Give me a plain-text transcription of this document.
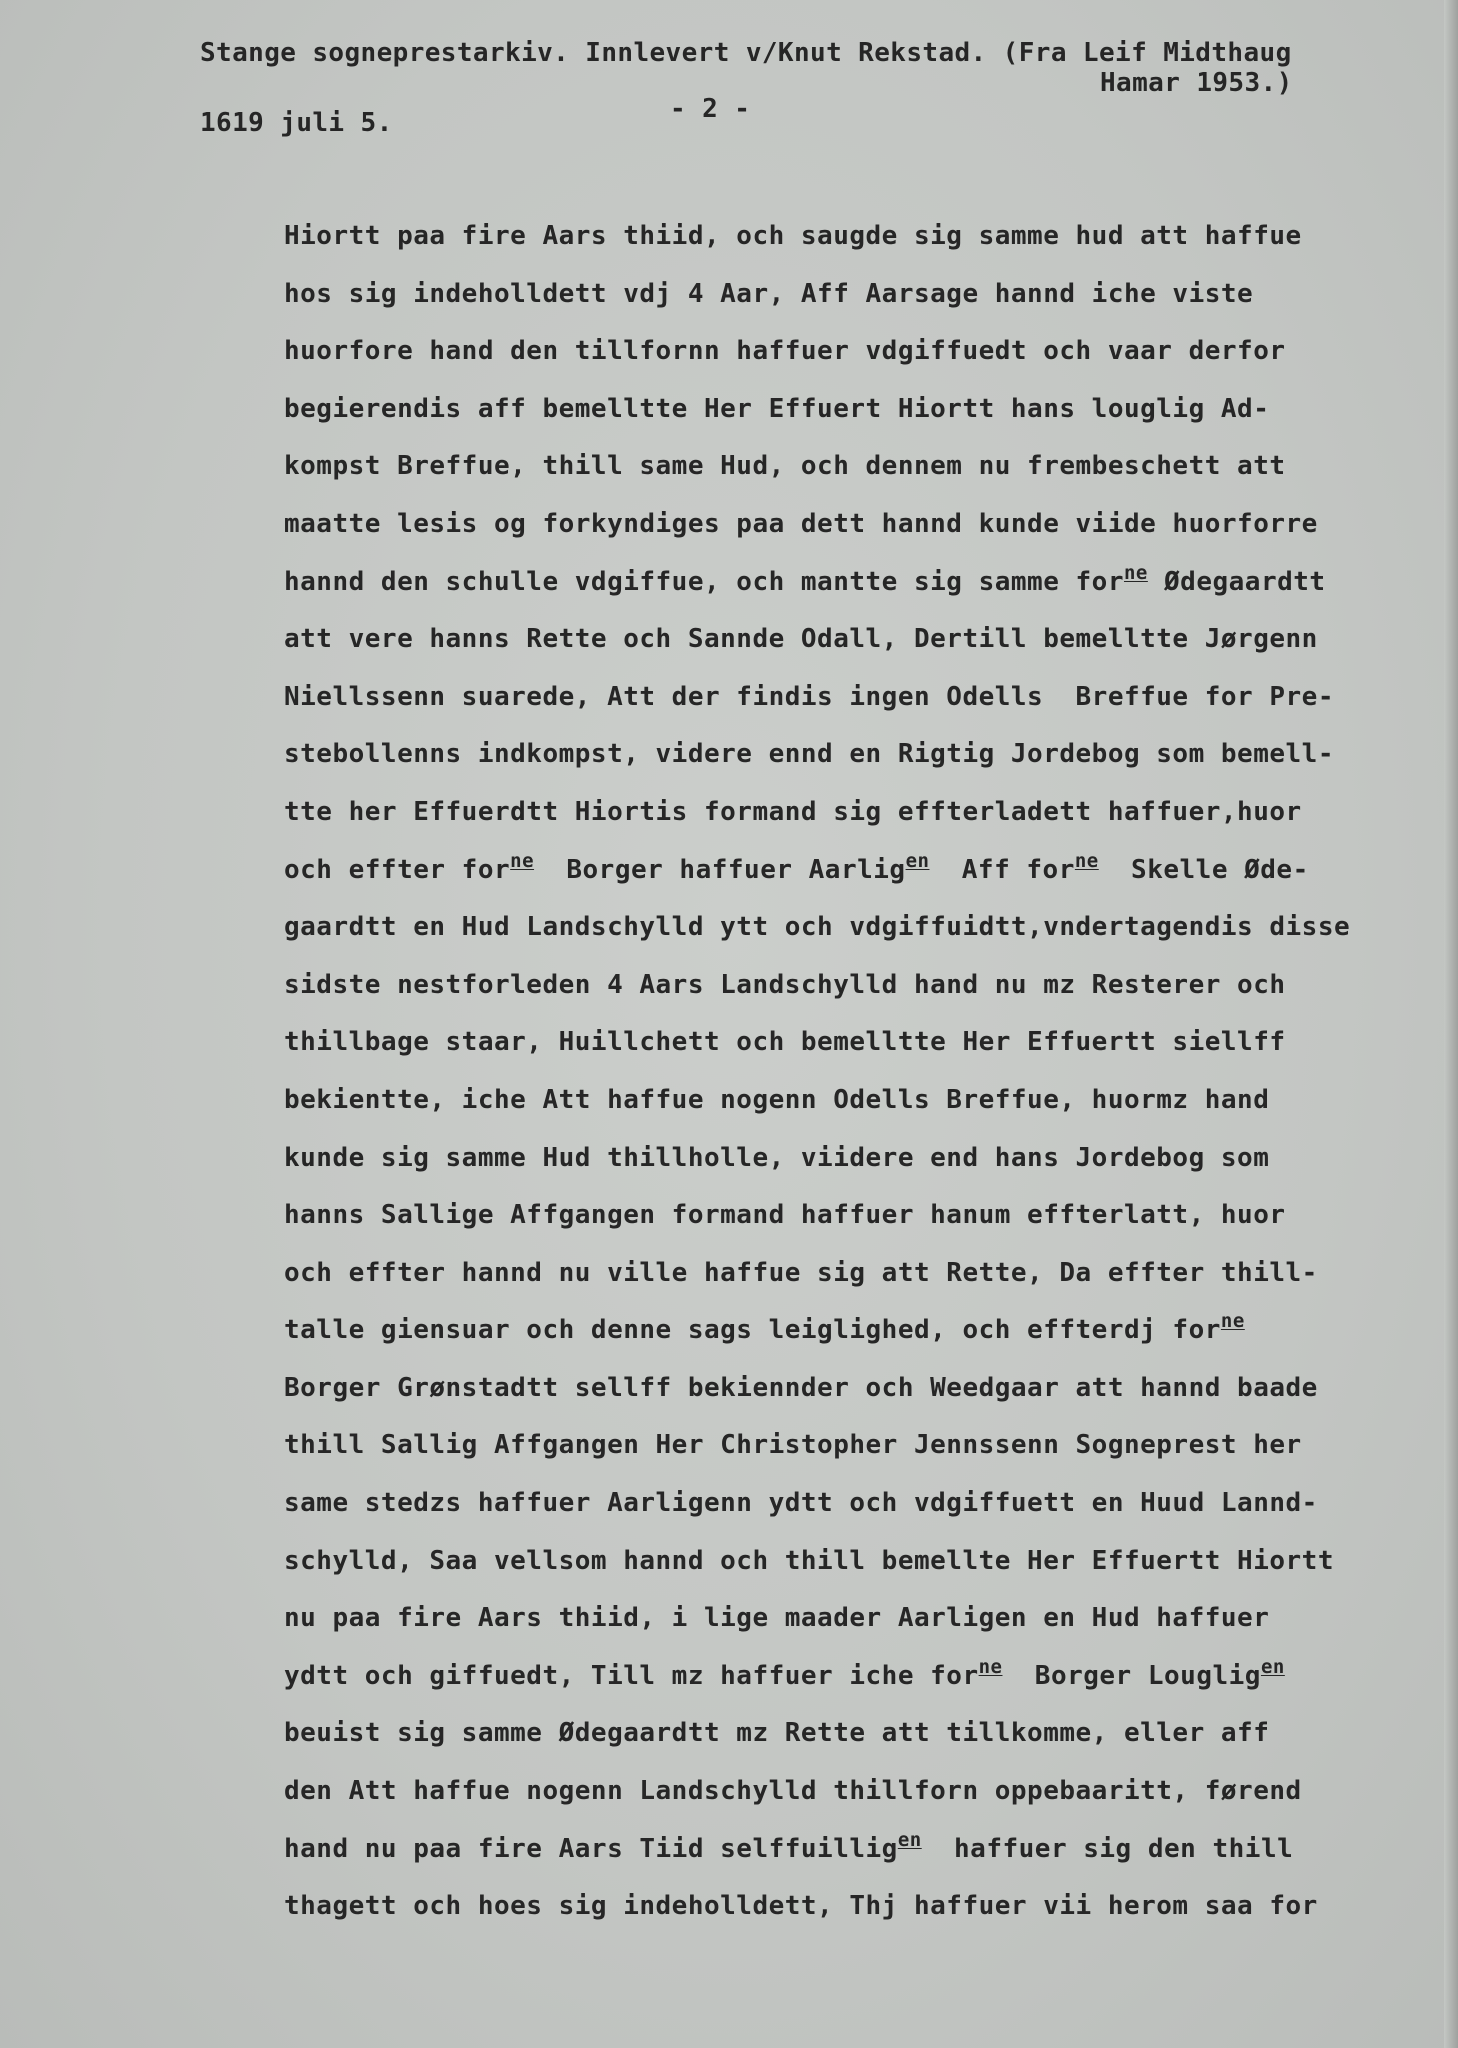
Stange sogneprestarkiv. Innlevert v/Knut Rekstad. (Fra Leif Midthaug
Hamar 1953.)
- 2 -
1619 juli 5.
Hiortt paa fire Aars thiid, och saugde sig samme hud att haffue
hos sig indeholldett vdj 4 Aar, Aff Aarsage hannd iche viste
huorfore hand den tillfornn haffuer vdgiffuedt och vaar derfor
begierendis aff bemelltte Her Effuert Hiortt hans louglig Ad-
kompst Breffue, thill same Hud, och dennem nu frembeschett att
maatte lesis og forkyndiges paa dett hannd kunde viide huorforre
hannd den schulle vdgiffue, och mantte sig samme for$^{ne}$ Ødegaardtt
att vere hanns Rette och Sannde Odall, Dertill bemelltte Jørgenn
Niellssenn suarede, Att der findis ingen Odells  Breffue for Pre-
stebollenns indkompst, videre ennd en Rigtig Jordebog som bemell-
tte her Effuerdtt Hiortis formand sig effterladett haffuer,huor
och effter for$^{ne}$  Borger haffuer Aarlig$^{en}$  Aff for$^{ne}$  Skelle Øde-
gaardtt en Hud Landschylld ytt och vdgiffuidtt,vndertagendis disse
sidste nestforleden 4 Aars Landschylld hand nu mz Resterer och
thillbage staar, Huillchett och bemelltte Her Effuertt siellff
bekientte, iche Att haffue nogenn Odells Breffue, huormz hand
kunde sig samme Hud thillholle, viidere end hans Jordebog som
hanns Sallige Affgangen formand haffuer hanum effterlatt, huor
och effter hannd nu ville haffue sig att Rette, Da effter thill-
talle giensuar och denne sags leiglighed, och effterdj for$^{ne}$
Borger Grønstadtt sellff bekiennder och Weedgaar att hannd baade
thill Sallig Affgangen Her Christopher Jennssenn Sogneprest her
same stedzs haffuer Aarligenn ydtt och vdgiffuett en Huud Lannd-
schylld, Saa vellsom hannd och thill bemellte Her Effuertt Hiortt
nu paa fire Aars thiid, i lige maader Aarligen en Hud haffuer
ydtt och giffuedt, Till mz haffuer iche for$^{ne}$  Borger Louglig$^{en}$
beuist sig samme Ødegaardtt mz Rette att tillkomme, eller aff
den Att haffue nogenn Landschylld thillforn oppebaaritt, førend
hand nu paa fire Aars Tiid selffuillig$^{en}$  haffuer sig den thill
thagett och hoes sig indeholldett, Thj haffuer vii herom saa for
